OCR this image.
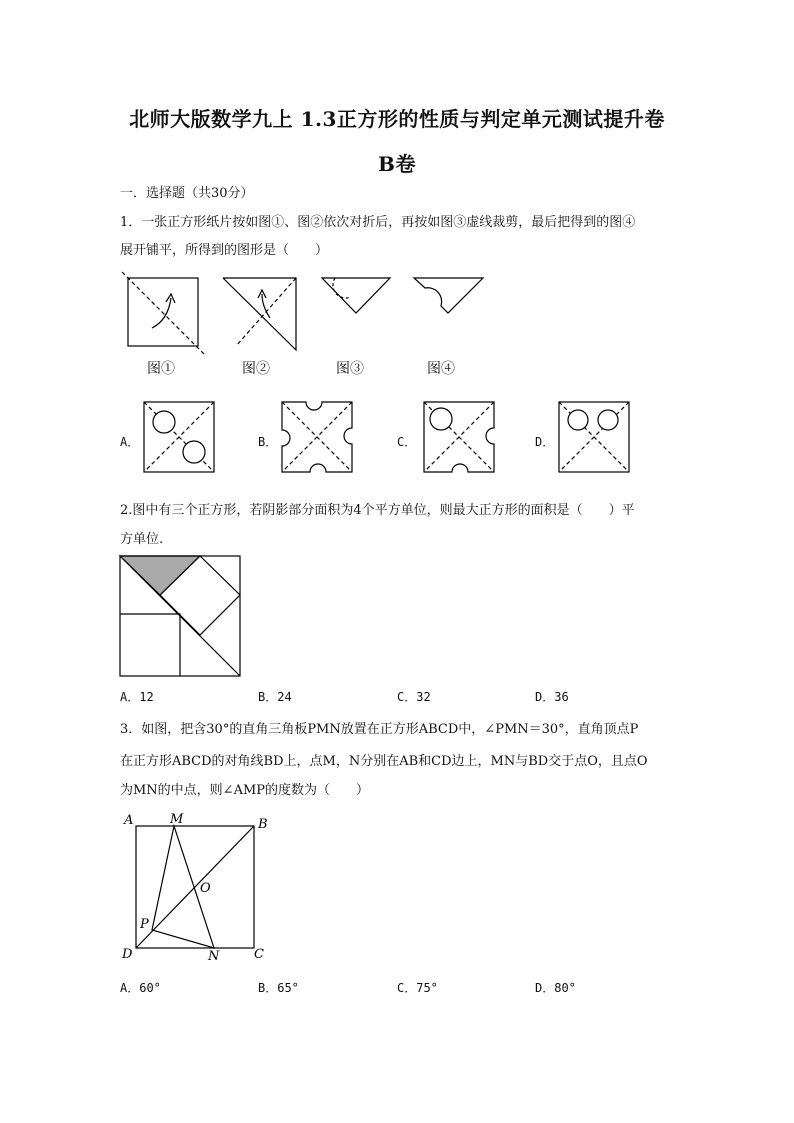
北师大版数学九上 1.3正方形的性质与判定单元测试提升卷
B卷
一．选择题（共30分）
1．一张正方形纸片按如图①、图②依次对折后，再按如图③虚线裁剪，最后把得到的图④
展开铺平，所得到的图形是（　　）
图①	图②	图③	图④
A．	B．	C．	D．
2.图中有三个正方形，若阴影部分面积为4个平方单位，则最大正方形的面积是（　　）平
方单位.
A．12	B．24	C．32	D．36
3．如图，把含30°的直角三角板PMN放置在正方形ABCD中，∠PMN＝30°，直角顶点P
在正方形ABCD的对角线BD上，点M，N分别在AB和CD边上，MN与BD交于点O，且点O
为MN的中点，则∠AMP的度数为（　　）
A	M	B
O
P
D	N	C
A．60°	B．65°	C．75°	D．80°
